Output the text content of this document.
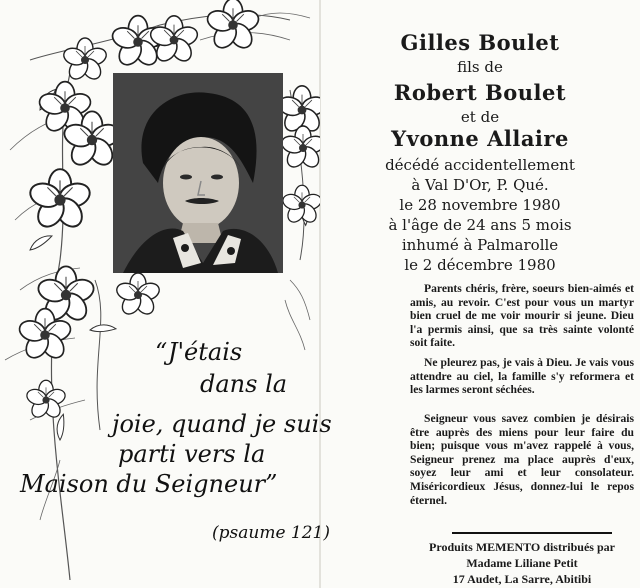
“J'étais
dans la
joie, quand je suis
parti vers la
Maison du Seigneur”
(psaume 121)
Gilles Boulet
fils de
Robert Boulet
et de
Yvonne Allaire
décédé accidentellement
à Val D'Or, P. Qué.
le 28 novembre 1980
à l'âge de 24 ans 5 mois
inhumé à Palmarolle
le 2 décembre 1980

Parents chéris, frère, soeurs bien-aimés et amis, au revoir. C'est pour vous un martyr bien cruel de me voir mourir si jeune. Dieu l'a permis ainsi, que sa très sainte volonté soit faite.

Ne pleurez pas, je vais à Dieu. Je vais vous attendre au ciel, la famille s'y reformera et les larmes seront séchées.

Seigneur vous savez combien je désirais être auprès des miens pour leur faire du bien; puisque vous m'avez rappelé à vous, Seigneur prenez ma place auprès d'eux, soyez leur ami et leur consolateur. Miséricordieux Jésus, donnez-lui le repos éternel.

Produits MEMENTO distribués par
Madame Liliane Petit
17 Audet, La Sarre, Abitibi
